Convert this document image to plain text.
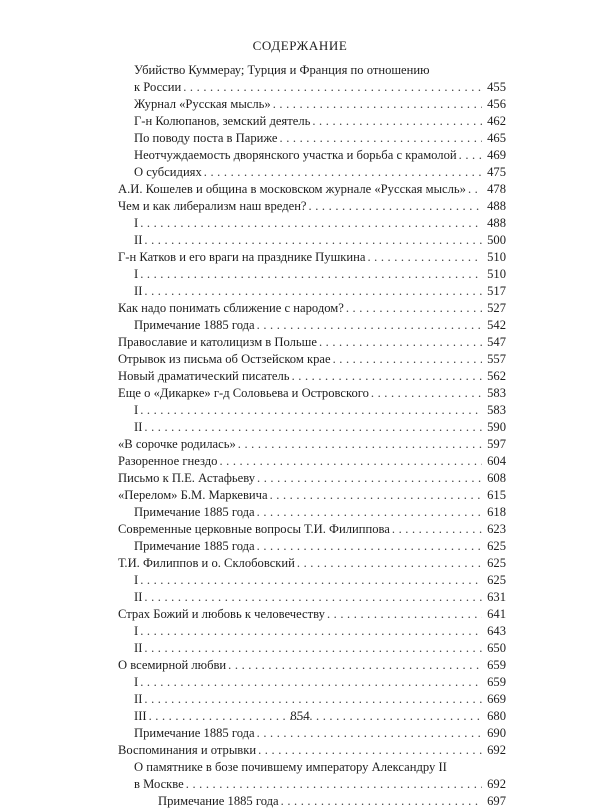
СОДЕРЖАНИЕ
Убийство Куммерау; Турция и Франция по отношению
к России . . .	455
Журнал «Русская мысль» . . .	456
Г-н Колюпанов, земский деятель . . .	462
По поводу поста в Париже . . .	465
Неотчуждаемость дворянского участка и борьба с крамолой . . . 469
О субсидиях . . .	475
А.И. Кошелев и община в московском журнале «Русская мысль» . . . 478
Чем и как либерализм наш вреден? . . .	488
I . . .	488
II . . .	500
Г-н Катков и его враги на празднике Пушкина . . .	510
I . . .	510
II . . .	517
Как надо понимать сближение с народом? . . .	527
Примечание 1885 года . . .	542
Православие и католицизм в Польше . . .	547
Отрывок из письма об Остзейском крае . . .	557
Новый драматический писатель . . .	562
Еще о «Дикарке» г-д Соловьева и Островского . . .	583
I . . .	583
II . . .	590
«В сорочке родилась» . . .	597
Разоренное гнездо . . .	604
Письмо к П.Е. Астафьеву . . .	608
«Перелом» Б.М. Маркевича . . .	615
Примечание 1885 года . . .	618
Современные церковные вопросы Т.И. Филиппова . . .	623
Примечание 1885 года . . .	625
Т.И. Филиппов и о. Склобовский . . .	625
I . . .	625
II . . .	631
Страх Божий и любовь к человечеству . . .	641
I . . .	643
II . . .	650
О всемирной любви . . .	659
I . . .	659
II . . .	669
III . . .	680
Примечание 1885 года . . .	690
Воспоминания и отрывки . . .	692
О памятнике в бозе почившему императору Александру II
в Москве . . .	692
Примечание 1885 года . . .	697
854
